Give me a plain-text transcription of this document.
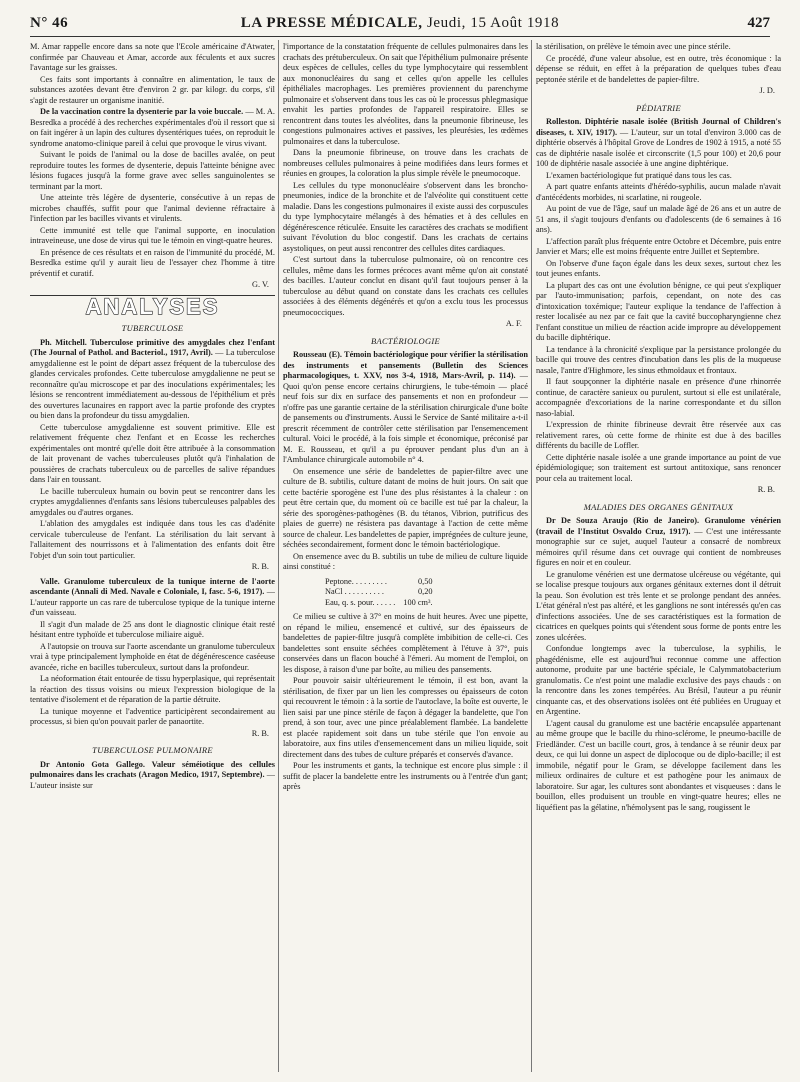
N° 46	LA PRESSE MÉDICALE, Jeudi, 15 Août 1918	427

M. Amar rappelle encore dans sa note que l'Ecole américaine d'Atwater, confirmée par Chauveau et Amar, accorde aux féculents et aux sucres l'avantage sur les graisses.

Ces faits sont importants à connaître en alimentation, le taux de substances azotées devant être d'environ 2 gr. par kilogr. du corps, s'il s'agit de restaurer un organisme inanitié.

De la vaccination contre la dysenterie par la voie buccale. — M. A. Besredka a procédé à des recherches expérimentales d'où il ressort que si on fait ingérer à un lapin des cultures dysentériques tuées, on reproduit le syndrome anatomo-clinique pareil à celui que provoque le virus vivant.

Suivant le poids de l'animal ou la dose de bacilles avalée, on peut reproduire toutes les formes de dysenterie, depuis l'atteinte bénigne avec lésions fugaces jusqu'à la forme grave avec selles sanguinolentes se terminant par la mort.

Une atteinte très légère de dysenterie, consécutive à un repas de microbes chauffés, suffit pour que l'animal devienne réfractaire à l'infection par les bacilles vivants et virulents.

Cette immunité est telle que l'animal supporte, en inoculation intraveineuse, une dose de virus qui tue le témoin en vingt-quatre heures.

En présence de ces résultats et en raison de l'immunité du procédé, M. Besredka estime qu'il y aurait lieu de l'essayer chez l'homme à titre préventif et curatif.

G. V.

ANALYSES
TUBERCULOSE

Ph. Mitchell. Tuberculose primitive des amygdales chez l'enfant (The Journal of Pathol. and Bacteriol., 1917, Avril). — La tuberculose amygdalienne est le point de départ assez fréquent de la tuberculose des glandes cervicales profondes. Cette tuberculose amygdalienne ne peut se reconnaître qu'au microscope et par des inoculations expérimentales; les lésions se rencontrent immédiatement au-dessous de l'épithélium et près des ouvertures lacunaires en rapport avec la partie profonde des cryptes ou bien dans la profondeur du tissu amygdalien.

Cette tuberculose amygdalienne est souvent primitive. Elle est relativement fréquente chez l'enfant et en Ecosse les recherches expérimentales ont montré qu'elle doit être attribuée à la consommation de lait provenant de vaches tuberculeuses plutôt qu'à l'inhalation de poussières de crachats tuberculeux ou de parcelles de salive répandues dans l'air en toussant.

Le bacille tuberculeux humain ou bovin peut se rencontrer dans les cryptes amygdaliennes d'enfants sans lésions tuberculeuses palpables des amygdales ou d'autres organes.

L'ablation des amygdales est indiquée dans tous les cas d'adénite cervicale tuberculeuse de l'enfant. La stérilisation du lait servant à l'allaitement des nourrissons et à l'alimentation des enfants doit être l'objet d'un soin tout particulier.

R. B.

Valle. Granulome tuberculeux de la tunique interne de l'aorte ascendante (Annali di Med. Navale e Coloniale, I, fasc. 5-6, 1917). — L'auteur rapporte un cas rare de tuberculose typique de la tunique interne d'un vaisseau.

Il s'agit d'un malade de 25 ans dont le diagnostic clinique était resté hésitant entre typhoïde et tuberculose miliaire aiguë.

A l'autopsie on trouva sur l'aorte ascendante un granulome tuberculeux vrai à type principalement lymphoïde en état de dégénérescence caséeuse avancée, riche en bacilles tuberculeux, surtout dans la profondeur.

La néoformation était entourée de tissu hyperplasique, qui représentait la réaction des tissus voisins ou mieux l'expression biologique de la tentative d'isolement et de réparation de la partie détruite.

La tunique moyenne et l'adventice participèrent secondairement au processus, si bien qu'on pouvait parler de panaortite.

R. B.

TUBERCULOSE PULMONAIRE

Dr Antonio Gota Gallego. Valeur séméiotique des cellules pulmonaires dans les crachats (Aragon Medico, 1917, Septembre). — L'auteur insiste sur

l'importance de la constatation fréquente de cellules pulmonaires dans les crachats des prétuberculeux. On sait que l'épithélium pulmonaire présente deux espèces de cellules, celles du type lymphocytaire qui ressemblent aux mononucléaires du sang et celles qu'on appelle les cellules épithéliales macrophages. Les premières proviennent du parenchyme pulmonaire et s'observent dans tous les cas où le processus phlegmasique envahit les parties profondes de l'appareil respiratoire. Elles se rencontrent dans toutes les alvéolites, dans la pneumonie fibrineuse, les congestions pulmonaires actives et passives, les pleurésies, les œdèmes pulmonaires et dans la tuberculose.

Dans la pneumonie fibrineuse, on trouve dans les crachats de nombreuses cellules pulmonaires à peine modifiées dans leurs formes et réunies en groupes, la coloration la plus simple révèle le pneumocoque.

Les cellules du type mononucléaire s'observent dans les broncho-pneumonies, indice de la bronchite et de l'alvéolite qui constituent cette maladie. Dans les congestions pulmonaires il existe aussi des corpuscules du type lymphocytaire mélangés à des hématies et à des cellules en dégénérescence réticulée. Ensuite les caractères des crachats se modifient suivant l'évolution du bloc congestif. Dans les crachats de certains asystoliques, on peut aussi rencontrer des cellules dites cardiaques.

C'est surtout dans la tuberculose pulmonaire, où on rencontre ces cellules, même dans les formes précoces avant même qu'on ait constaté des bacilles. L'auteur conclut en disant qu'il faut toujours penser à la tuberculose au début quand on constate dans les crachats ces cellules associées à des éléments dégénérés et qu'on a exclu tous les processus pneumococciques.

A. F.

BACTÉRIOLOGIE

Rousseau (E). Témoin bactériologique pour vérifier la stérilisation des instruments et pansements (Bulletin des Sciences pharmacologiques, t. XXV, nos 3-4, 1918, Mars-Avril, p. 114). — Quoi qu'on pense encore certains chirurgiens, le tube-témoin — placé neuf fois sur dix en surface des pansements et non en profondeur — n'offre pas une garantie certaine de la stérilisation chirurgicale d'une boîte de pansements ou d'instruments. Aussi le Service de Santé militaire a-t-il prescrit récemment de contrôler cette stérilisation par l'ensemencement cultural. Voici le procédé, à la fois simple et économique, préconisé par M. E. Rousseau, et qu'il a pu éprouver pendant plus d'un an à l'Ambulance chirurgicale automobile n° 4.

On ensemence une série de bandelettes de papier-filtre avec une culture de B. subtilis, culture datant de moins de huit jours. On sait que cette bactérie sporogène est l'une des plus résistantes à la chaleur : on peut être certain que, du moment où ce bacille est tué par la chaleur, la série des sporogènes-pathogènes (B. du tétanos, Vibrion, putrificus des plaies de guerre) ne résistera pas davantage à l'action de cette même source de chaleur. Les bandelettes de papier, imprégnées de culture jeune, séchées secondairement, forment donc le témoin bactériologique.

On ensemence avec du B. subtilis un tube de milieu de culture liquide ainsi constitué :

Peptone. . . . . . . . .	0,50
NaCl . . . . . . . . . .	0,20
Eau, q. s. pour. . . . . .	100 cm³.

Ce milieu se cultive à 37° en moins de huit heures. Avec une pipette, on répand le milieu, ensemencé et cultivé, sur des épaisseurs de bandelettes de papier-filtre jusqu'à complète imbibition de celle-ci. Ces bandelettes sont ensuite séchées complètement à l'étuve à 37°, puis conservées dans un flacon bouché à l'émeri. Au moment de l'emploi, on les dispose, à raison d'une par boîte, au milieu des pansements.

Pour pouvoir saisir ultérieurement le témoin, il est bon, avant la stérilisation, de fixer par un lien les compresses ou épaisseurs de coton qui recouvrent le témoin : à la sortie de l'autoclave, la boîte est ouverte, le lien saisi par une pince stérile de façon à dégager la bandelette, que l'on prend, à son tour, avec une pince préalablement flambée. La bandelette est placée rapidement soit dans un tube stérile que l'on envoie au laboratoire, aux fins utiles d'ensemencement dans un milieu liquide, soit directement dans des tubes de culture préparés et conservés d'avance.

Pour les instruments et gants, la technique est encore plus simple : il suffit de placer la bandelette entre les instruments ou à l'entrée d'un gant; après

la stérilisation, on prélève le témoin avec une pince stérile.

Ce procédé, d'une valeur absolue, est en outre, très économique : la dépense se réduit, en effet à la préparation de quelques tubes d'eau peptonée stérile et de bandelettes de papier-filtre.

J. D.

PÉDIATRIE

Rolleston. Diphtérie nasale isolée (British Journal of Children's diseases, t. XIV, 1917). — L'auteur, sur un total d'environ 3.000 cas de diphtérie observés à l'hôpital Grove de Londres de 1902 à 1915, a noté 55 cas de diphtérie nasale isolée et circonscrite (1,5 pour 100) et 20,6 pour 100 de diphtérie nasale associée à une angine diphtérique.

L'examen bactériologique fut pratiqué dans tous les cas.

A part quatre enfants atteints d'hérédo-syphilis, aucun malade n'avait d'antécédents morbides, ni scarlatine, ni rougeole.

Au point de vue de l'âge, sauf un malade âgé de 26 ans et un autre de 51 ans, il s'agit toujours d'enfants ou d'adolescents (de 6 semaines à 16 ans).

L'affection paraît plus fréquente entre Octobre et Décembre, puis entre Janvier et Mars; elle est moins fréquente entre Juillet et Septembre.

On l'observe d'une façon égale dans les deux sexes, surtout chez les tout jeunes enfants.

La plupart des cas ont une évolution bénigne, ce qui peut s'expliquer par l'auto-immunisation; parfois, cependant, on note des cas d'intoxication toxémique; l'auteur explique la tendance de l'affection à rester localisée au nez par ce fait que la cavité buccopharyngienne chez l'enfant constitue un milieu de réaction acide impropre au développement du bacille diphtérique.

La tendance à la chronicité s'explique par la persistance prolongée du bacille qui trouve des centres d'incubation dans les plis de la muqueuse nasale, l'antre d'Highmore, les sinus ethmoïdaux et frontaux.

Il faut soupçonner la diphtérie nasale en présence d'une rhinorrée continue, de caractère sanieux ou purulent, surtout si elle est unilatérale, accompagnée d'excoriations de la narine correspondante et du sillon naso-labial.

L'expression de rhinite fibrineuse devrait être réservée aux cas relativement rares, où cette forme de rhinite est due à des bacilles différents du bacille de Loffler.

Cette diphtérie nasale isolée a une grande importance au point de vue épidémiologique; son traitement est surtout antitoxique, sans renoncer pour cela au traitement local.

R. B.

MALADIES DES ORGANES GÉNITAUX

Dr De Souza Araujo (Rio de Janeiro). Granulome vénérien (travail de l'Institut Osvaldo Cruz, 1917). — C'est une intéressante monographie sur ce sujet, auquel l'auteur a consacré de nombreux mémoires qu'il résume dans cet ouvrage qui contient de nombreuses figures en noir et en couleur.

Le granulome vénérien est une dermatose ulcéreuse ou végétante, qui se localise presque toujours aux organes génitaux externes dont il détruit la peau. Son évolution est très lente et se prolonge pendant des années. L'état général n'est pas altéré, et les ganglions ne sont intéressés qu'en cas d'infections associées. Une de ses caractéristiques est la formation de cicatrices en quelques points qui s'étendent sous forme de ponts entre les zones ulcérées.

Confondue longtemps avec la tuberculose, la syphilis, le phagédénisme, elle est aujourd'hui reconnue comme une affection autonome, produite par une bactérie spéciale, le Calymmatobacterium granulomatis. Ce n'est point une maladie exclusive des pays chauds : on la rencontre dans les zones tempérées. Au Brésil, l'auteur a pu réunir cinquante cas, et des observations isolées ont été publiées en Uruguay et en Argentine.

L'agent causal du granulome est une bactérie encapsulée appartenant au même groupe que le bacille du rhino-sclérome, le pneumo-bacille de Friedländer. C'est un bacille court, gros, à tendance à se réunir deux par deux, ce qui lui donne un aspect de diplocoque ou de diplo-bacille; il est immobile, négatif pour le Gram, se développe facilement dans les milieux ordinaires de culture et est pathogène pour les animaux de laboratoire. Sur agar, les cultures sont abondantes et visqueuses : dans le bouillon, elles produisent un trouble en vingt-quatre heures; elles ne liquéfient pas la gélatine, n'hémolysent pas le sang, rougissent le
